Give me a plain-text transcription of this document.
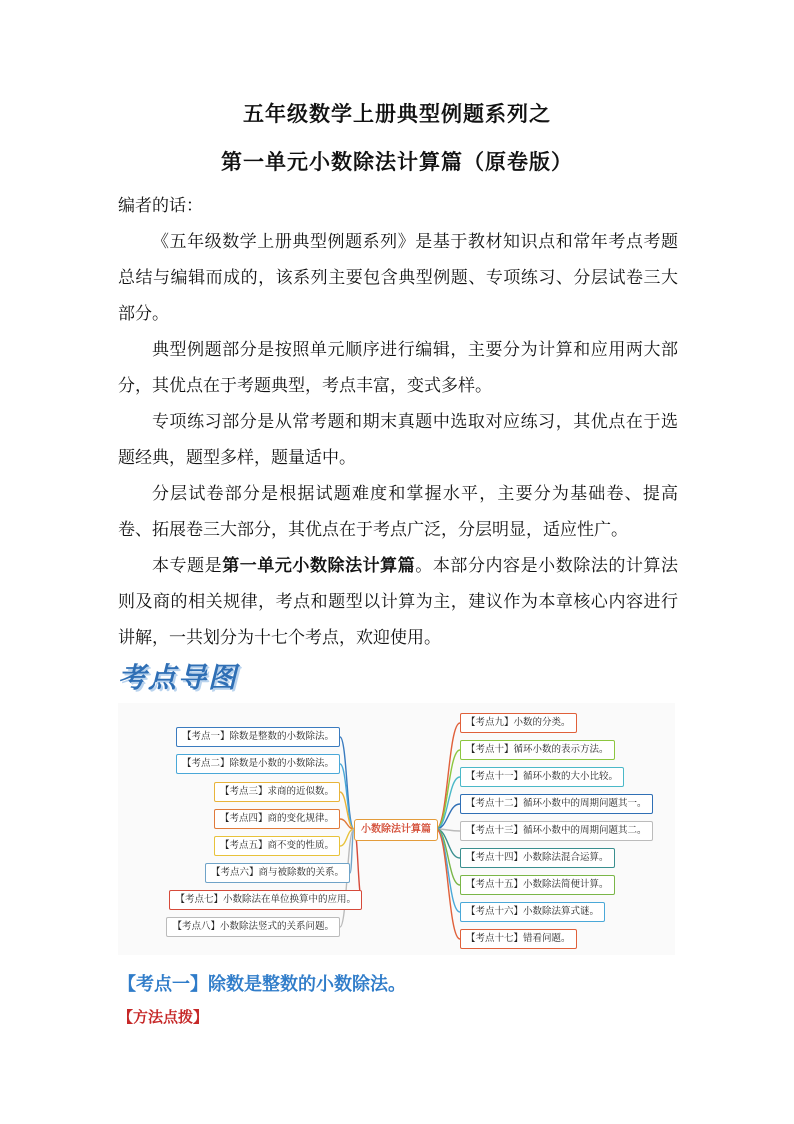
五年级数学上册典型例题系列之
第一单元小数除法计算篇（原卷版）
编者的话：
《五年级数学上册典型例题系列》是基于教材知识点和常年考点考题总结与编辑而成的，该系列主要包含典型例题、专项练习、分层试卷三大部分。
典型例题部分是按照单元顺序进行编辑，主要分为计算和应用两大部分，其优点在于考题典型，考点丰富，变式多样。
专项练习部分是从常考题和期末真题中选取对应练习，其优点在于选题经典，题型多样，题量适中。
分层试卷部分是根据试题难度和掌握水平，主要分为基础卷、提高卷、拓展卷三大部分，其优点在于考点广泛，分层明显，适应性广。
本专题是第一单元小数除法计算篇。本部分内容是小数除法的计算法则及商的相关规律，考点和题型以计算为主，建议作为本章核心内容进行讲解，一共划分为十七个考点，欢迎使用。
考点导图
小数除法计算篇
【考点一】除数是整数的小数除法。
【考点二】除数是小数的小数除法。
【考点三】求商的近似数。
【考点四】商的变化规律。
【考点五】商不变的性质。
【考点六】商与被除数的关系。
【考点七】小数除法在单位换算中的应用。
【考点八】小数除法竖式的关系问题。
【考点九】小数的分类。
【考点十】循环小数的表示方法。
【考点十一】循环小数的大小比较。
【考点十二】循环小数中的周期问题其一。
【考点十三】循环小数中的周期问题其二。
【考点十四】小数除法混合运算。
【考点十五】小数除法简便计算。
【考点十六】小数除法算式谜。
【考点十七】错看问题。
【考点一】除数是整数的小数除法。
【方法点拨】
